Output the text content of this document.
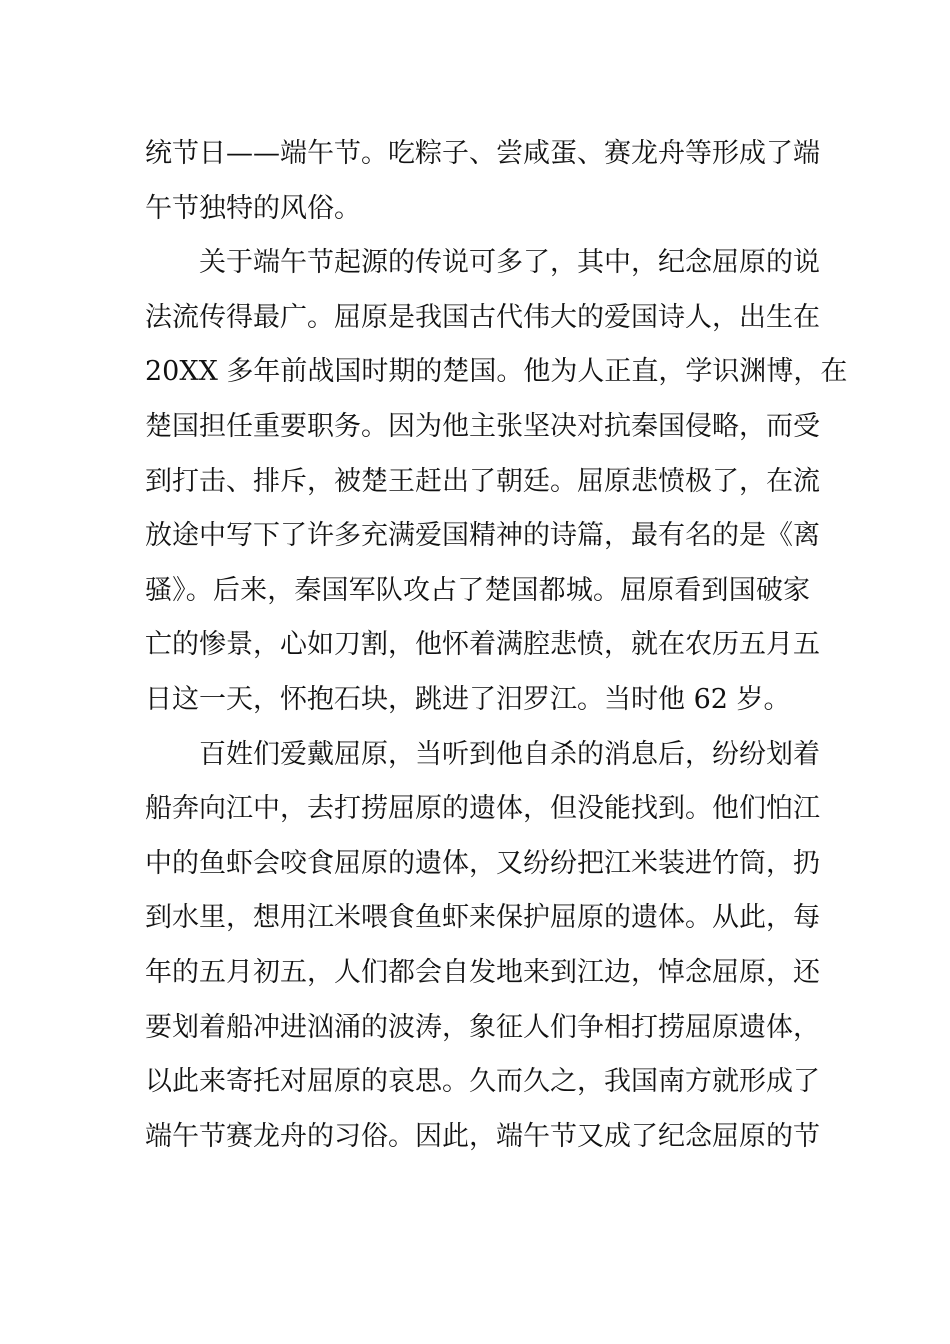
统节日——端午节。吃粽子、尝咸蛋、赛龙舟等形成了端
午节独特的风俗。
关于端午节起源的传说可多了，其中，纪念屈原的说
法流传得最广。屈原是我国古代伟大的爱国诗人，出生在
20XX 多年前战国时期的楚国。他为人正直，学识渊博，在
楚国担任重要职务。因为他主张坚决对抗秦国侵略，而受
到打击、排斥，被楚王赶出了朝廷。屈原悲愤极了，在流
放途中写下了许多充满爱国精神的诗篇，最有名的是《离
骚》。后来，秦国军队攻占了楚国都城。屈原看到国破家
亡的惨景，心如刀割，他怀着满腔悲愤，就在农历五月五
日这一天，怀抱石块，跳进了汨罗江。当时他 62 岁。
百姓们爱戴屈原，当听到他自杀的消息后，纷纷划着
船奔向江中，去打捞屈原的遗体，但没能找到。他们怕江
中的鱼虾会咬食屈原的遗体，又纷纷把江米装进竹筒，扔
到水里，想用江米喂食鱼虾来保护屈原的遗体。从此，每
年的五月初五，人们都会自发地来到江边，悼念屈原，还
要划着船冲进汹涌的波涛，象征人们争相打捞屈原遗体，
以此来寄托对屈原的哀思。久而久之，我国南方就形成了
端午节赛龙舟的习俗。因此，端午节又成了纪念屈原的节
